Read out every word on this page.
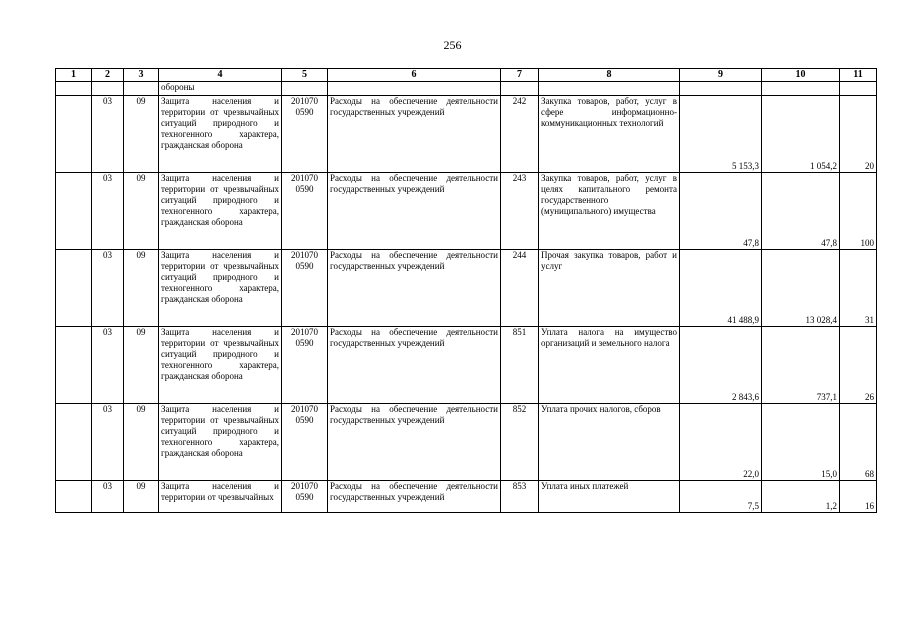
256
1	2	3	4	5	6	7	8	9	10	11
			обороны							
	03	09	Защита населения и территории от чрезвычайных ситуаций природного и техногенного характера, гражданская оборона	201070 0590	Расходы на обеспечение деятельности государственных учреждений	242	Закупка товаров, работ, услуг в сфере информационно-коммуникационных технологий	5 153,3	1 054,2	20
	03	09	Защита населения и территории от чрезвычайных ситуаций природного и техногенного характера, гражданская оборона	201070 0590	Расходы на обеспечение деятельности государственных учреждений	243	Закупка товаров, работ, услуг в целях капитального ремонта государственного (муниципального) имущества	47,8	47,8	100
	03	09	Защита населения и территории от чрезвычайных ситуаций природного и техногенного характера, гражданская оборона	201070 0590	Расходы на обеспечение деятельности государственных учреждений	244	Прочая закупка товаров, работ и услуг	41 488,9	13 028,4	31
	03	09	Защита населения и территории от чрезвычайных ситуаций природного и техногенного характера, гражданская оборона	201070 0590	Расходы на обеспечение деятельности государственных учреждений	851	Уплата налога на имущество организаций и земельного налога	2 843,6	737,1	26
	03	09	Защита населения и территории от чрезвычайных ситуаций природного и техногенного характера, гражданская оборона	201070 0590	Расходы на обеспечение деятельности государственных учреждений	852	Уплата прочих налогов, сборов	22,0	15,0	68
	03	09	Защита населения и территории от чрезвычайных	201070 0590	Расходы на обеспечение деятельности государственных учреждений	853	Уплата иных платежей	7,5	1,2	16
